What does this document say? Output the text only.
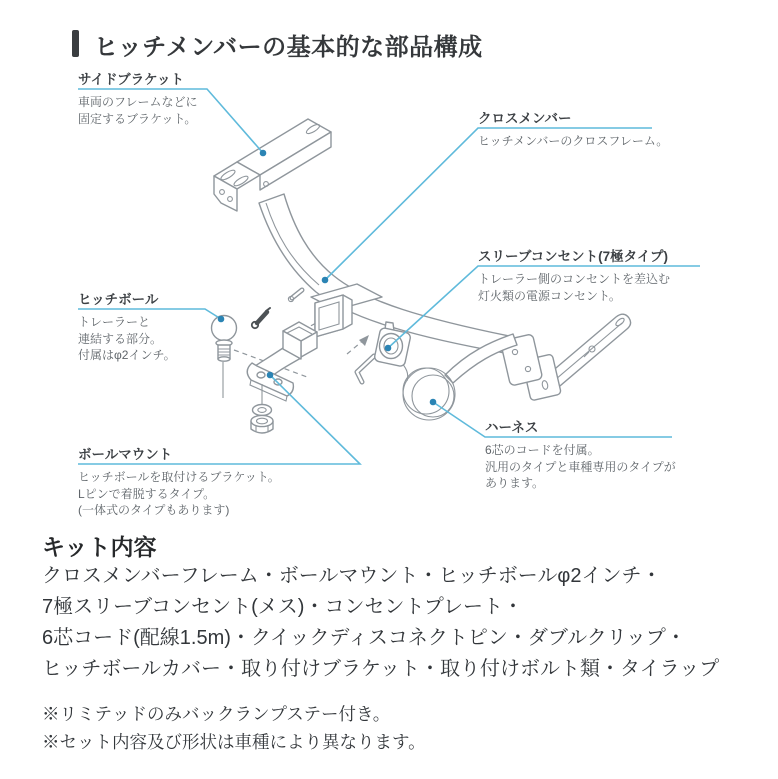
ヒッチメンバーの基本的な部品構成
サイドブラケット
車両のフレームなどに
固定するブラケット。	クロスメンバー
ヒッチメンバーのクロスフレーム。
スリーブコンセント(7極タイプ)
トレーラー側のコンセントを差込む
灯火類の電源コンセント。
ヒッチボール
トレーラーと
連結する部分。
付属はφ2インチ。
ハーネス
6芯のコードを付属。
汎用のタイプと車種専用のタイプが
あります。
ボールマウント
ヒッチボールを取付けるブラケット。
Lピンで着脱するタイプ。
(一体式のタイプもあります)
キット内容
クロスメンバーフレーム・ボールマウント・ヒッチボールφ2インチ・
7極スリーブコンセント(メス)・コンセントプレート・
6芯コード(配線1.5m)・クイックディスコネクトピン・ダブルクリップ・
ヒッチボールカバー・取り付けブラケット・取り付けボルト類・タイラップ
※リミテッドのみバックランプステー付き。
※セット内容及び形状は車種により異なります。
